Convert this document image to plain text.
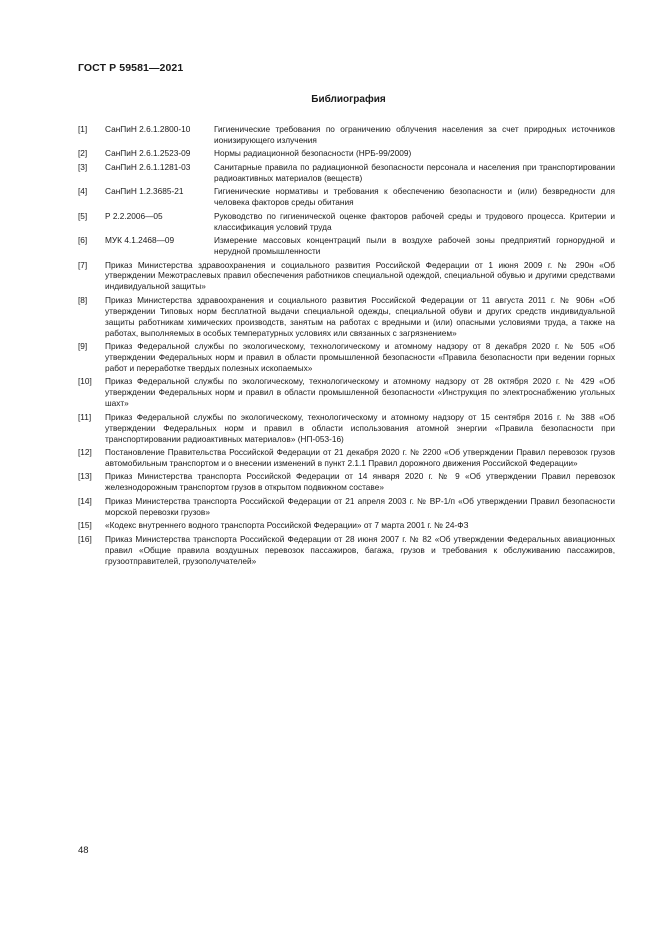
ГОСТ Р 59581—2021
Библиография
[1]	СанПиН 2.6.1.2800-10	Гигиенические требования по ограничению облучения населения за счет природных источников ионизирующего излучения
[2]	СанПиН 2.6.1.2523-09	Нормы радиационной безопасности (НРБ-99/2009)
[3]	СанПиН 2.6.1.1281-03	Санитарные правила по радиационной безопасности персонала и населения при транспортировании радиоактивных материалов (веществ)
[4]	СанПиН 1.2.3685-21	Гигиенические нормативы и требования к обеспечению безопасности и (или) безвредности для человека факторов среды обитания
[5]	Р 2.2.2006—05	Руководство по гигиенической оценке факторов рабочей среды и трудового процесса. Критерии и классификация условий труда
[6]	МУК 4.1.2468—09	Измерение массовых концентраций пыли в воздухе рабочей зоны предприятий горнорудной и нерудной промышленности
[7]	Приказ Министерства здравоохранения и социального развития Российской Федерации от 1 июня 2009 г. № 290н «Об утверждении Межотраслевых правил обеспечения работников специальной одеждой, специальной обувью и другими средствами индивидуальной защиты»
[8]	Приказ Министерства здравоохранения и социального развития Российской Федерации от 11 августа 2011 г. № 906н «Об утверждении Типовых норм бесплатной выдачи специальной одежды, специальной обуви и других средств индивидуальной защиты работникам химических производств, занятым на работах с вредными и (или) опасными условиями труда, а также на работах, выполняемых в особых температурных условиях или связанных с загрязнением»
[9]	Приказ Федеральной службы по экологическому, технологическому и атомному надзору от 8 декабря 2020 г. № 505 «Об утверждении Федеральных норм и правил в области промышленной безопасности «Правила безопасности при ведении горных работ и переработке твердых полезных ископаемых»
[10]	Приказ Федеральной службы по экологическому, технологическому и атомному надзору от 28 октября 2020 г. № 429 «Об утверждении Федеральных норм и правил в области промышленной безопасности «Инструкция по электроснабжению угольных шахт»
[11]	Приказ Федеральной службы по экологическому, технологическому и атомному надзору от 15 сентября 2016 г. № 388 «Об утверждении Федеральных норм и правил в области использования атомной энергии «Правила безопасности при транспортировании радиоактивных материалов» (НП-053-16)
[12]	Постановление Правительства Российской Федерации от 21 декабря 2020 г. № 2200 «Об утверждении Правил перевозок грузов автомобильным транспортом и о внесении изменений в пункт 2.1.1 Правил дорожного движения Российской Федерации»
[13]	Приказ Министерства транспорта Российской Федерации от 14 января 2020 г. № 9 «Об утверждении Правил перевозок железнодорожным транспортом грузов в открытом подвижном составе»
[14]	Приказ Министерства транспорта Российской Федерации от 21 апреля 2003 г. № ВР-1/п «Об утверждении Правил безопасности морской перевозки грузов»
[15]	«Кодекс внутреннего водного транспорта Российской Федерации» от 7 марта 2001 г. № 24-ФЗ
[16]	Приказ Министерства транспорта Российской Федерации от 28 июня 2007 г. № 82 «Об утверждении Федеральных авиационных правил «Общие правила воздушных перевозок пассажиров, багажа, грузов и требования к обслуживанию пассажиров, грузоотправителей, грузополучателей»
48
